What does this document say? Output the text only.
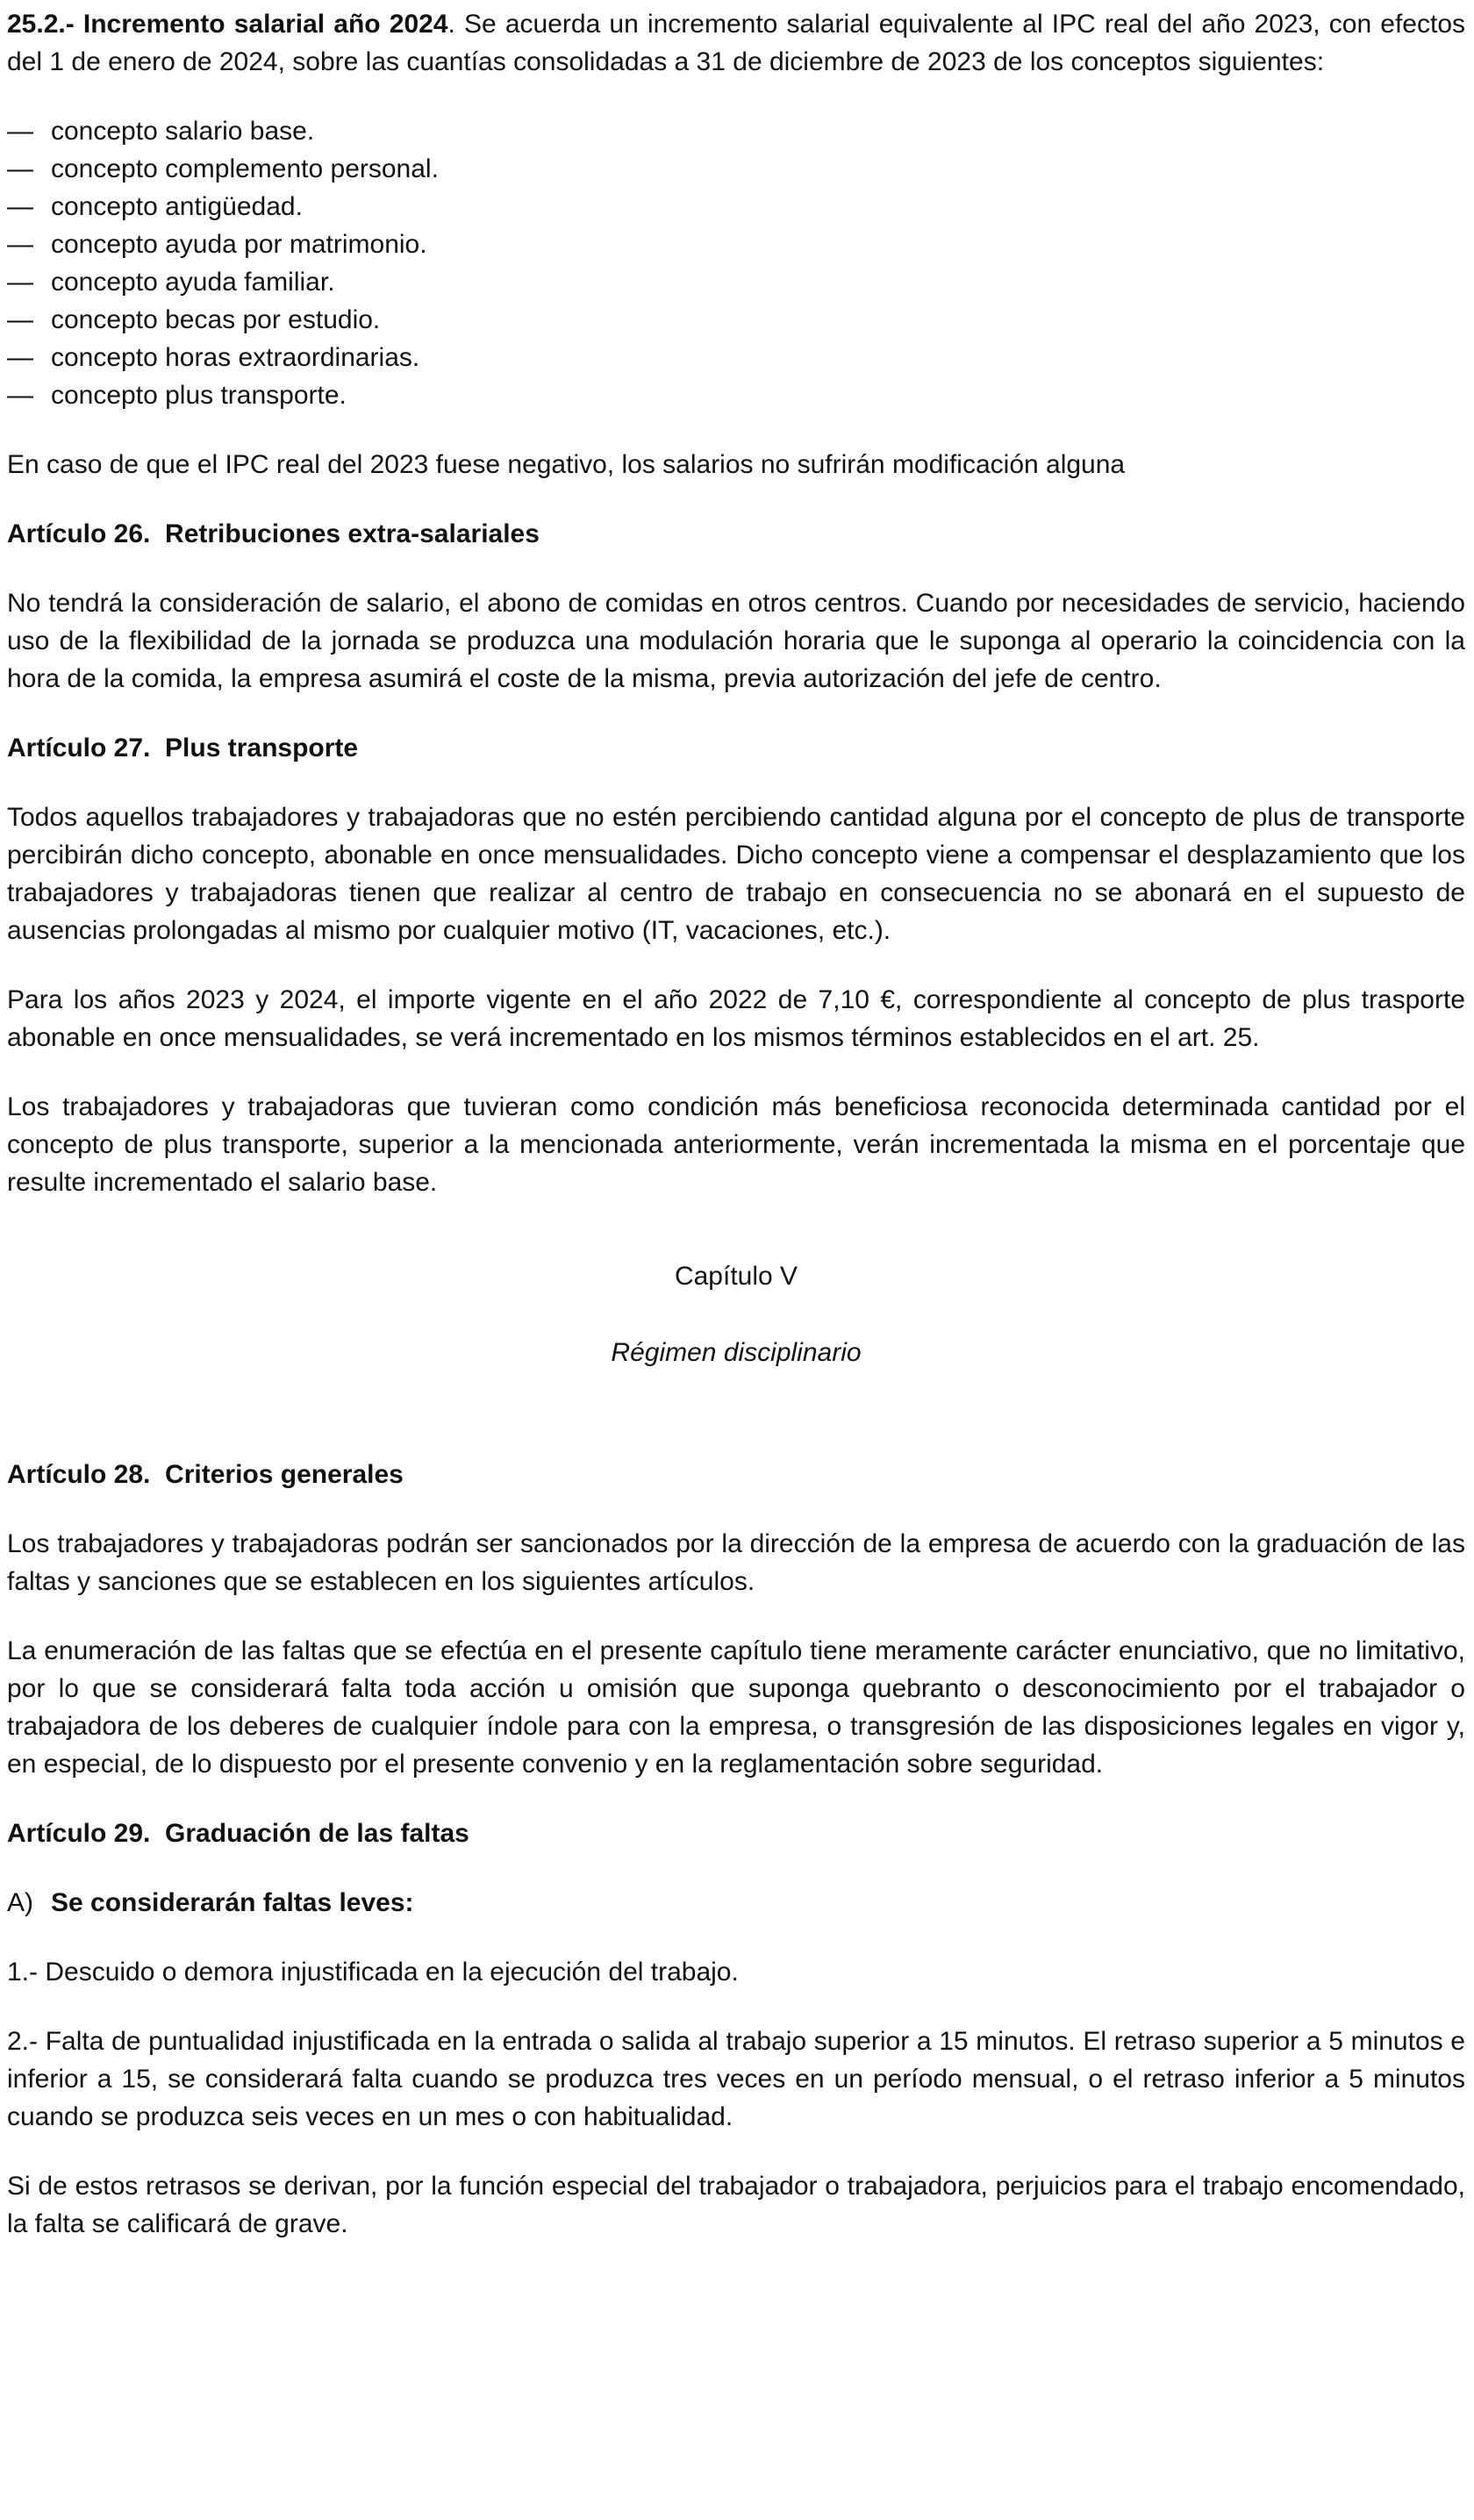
25.2.- Incremento salarial año 2024. Se acuerda un incremento salarial equivalente al IPC real del año 2023, con efectos del 1 de enero de 2024, sobre las cuantías consolidadas a 31 de diciembre de 2023 de los conceptos siguientes:

— concepto salario base.
— concepto complemento personal.
— concepto antigüedad.
— concepto ayuda por matrimonio.
— concepto ayuda familiar.
— concepto becas por estudio.
— concepto horas extraordinarias.
— concepto plus transporte.

En caso de que el IPC real del 2023 fuese negativo, los salarios no sufrirán modificación alguna

Artículo 26.  Retribuciones extra-salariales

No tendrá la consideración de salario, el abono de comidas en otros centros. Cuando por necesidades de servicio, haciendo uso de la flexibilidad de la jornada se produzca una modulación horaria que le suponga al operario la coincidencia con la hora de la comida, la empresa asumirá el coste de la misma, previa autorización del jefe de centro.

Artículo 27.  Plus transporte

Todos aquellos trabajadores y trabajadoras que no estén percibiendo cantidad alguna por el concepto de plus de transporte percibirán dicho concepto, abonable en once mensualidades. Dicho concepto viene a compensar el desplazamiento que los trabajadores y trabajadoras tienen que realizar al centro de trabajo en consecuencia no se abonará en el supuesto de ausencias prolongadas al mismo por cualquier motivo (IT, vacaciones, etc.).

Para los años 2023 y 2024, el importe vigente en el año 2022 de 7,10 €, correspondiente al concepto de plus trasporte abonable en once mensualidades, se verá incrementado en los mismos términos establecidos en el art. 25.

Los trabajadores y trabajadoras que tuvieran como condición más beneficiosa reconocida determinada cantidad por el concepto de plus transporte, superior a la mencionada anteriormente, verán incrementada la misma en el porcentaje que resulte incrementado el salario base.

Capítulo V

Régimen disciplinario

Artículo 28.  Criterios generales

Los trabajadores y trabajadoras podrán ser sancionados por la dirección de la empresa de acuerdo con la graduación de las faltas y sanciones que se establecen en los siguientes artículos.

La enumeración de las faltas que se efectúa en el presente capítulo tiene meramente carácter enunciativo, que no limitativo, por lo que se considerará falta toda acción u omisión que suponga quebranto o desconocimiento por el trabajador o trabajadora de los deberes de cualquier índole para con la empresa, o transgresión de las disposiciones legales en vigor y, en especial, de lo dispuesto por el presente convenio y en la reglamentación sobre seguridad.

Artículo 29.  Graduación de las faltas

A) Se considerarán faltas leves:

1.- Descuido o demora injustificada en la ejecución del trabajo.

2.- Falta de puntualidad injustificada en la entrada o salida al trabajo superior a 15 minutos. El retraso superior a 5 minutos e inferior a 15, se considerará falta cuando se produzca tres veces en un período mensual, o el retraso inferior a 5 minutos cuando se produzca seis veces en un mes o con habitualidad.

Si de estos retrasos se derivan, por la función especial del trabajador o trabajadora, perjuicios para el trabajo encomendado, la falta se calificará de grave.
